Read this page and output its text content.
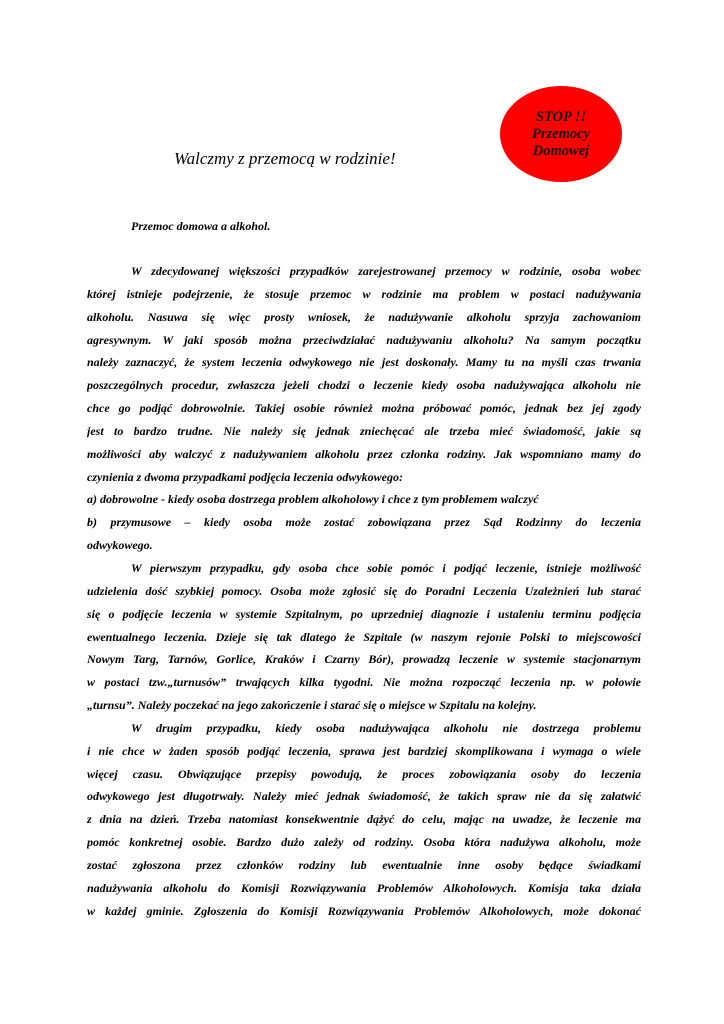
STOP !!
Przemocy
Domowej
Walczmy z przemocą w rodzinie!

Przemoc domowa a alkohol.

W zdecydowanej większości przypadków zarejestrowanej przemocy w rodzinie, osoba wobec
której istnieje podejrzenie, że stosuje przemoc w rodzinie ma problem w postaci nadużywania
alkoholu. Nasuwa się więc prosty wniosek, że nadużywanie alkoholu sprzyja zachowaniom
agresywnym. W jaki sposób można przeciwdziałać nadużywaniu alkoholu? Na samym początku
należy zaznaczyć, że system leczenia odwykowego nie jest doskonały. Mamy tu na myśli czas trwania
poszczególnych procedur, zwłaszcza jeżeli chodzi o leczenie kiedy osoba nadużywająca alkoholu nie
chce go podjąć dobrowolnie. Takiej osobie również można próbować pomóc, jednak bez jej zgody
jest to bardzo trudne. Nie należy się jednak zniechęcać ale trzeba mieć świadomość, jakie są
możliwości aby walczyć z nadużywaniem alkoholu przez członka rodziny. Jak wspomniano mamy do
czynienia z dwoma przypadkami podjęcia leczenia odwykowego:
a) dobrowolne - kiedy osoba dostrzega problem alkoholowy i chce z tym problemem walczyć
b) przymusowe – kiedy osoba może zostać zobowiązana przez Sąd Rodzinny do leczenia
odwykowego.
W pierwszym przypadku, gdy osoba chce sobie pomóc i podjąć leczenie, istnieje możliwość
udzielenia dość szybkiej pomocy. Osoba może zgłosić się do Poradni Leczenia Uzależnień lub starać
się o podjęcie leczenia w systemie Szpitalnym, po uprzedniej diagnozie i ustaleniu terminu podjęcia
ewentualnego leczenia. Dzieje się tak dlatego że Szpitale (w naszym rejonie Polski to miejscowości
Nowym Targ, Tarnów, Gorlice, Kraków i Czarny Bór), prowadzą leczenie w systemie stacjonarnym
w postaci tzw.„turnusów” trwających kilka tygodni. Nie można rozpocząć leczenia np. w połowie
„turnsu”. Należy poczekać na jego zakończenie i starać się o miejsce w Szpitalu na kolejny.
W drugim przypadku, kiedy osoba nadużywająca alkoholu nie dostrzega problemu
i nie chce w żaden sposób podjąć leczenia, sprawa jest bardziej skomplikowana i wymaga o wiele
więcej czasu. Obwiązujące przepisy powodują, że proces zobowiązania osoby do leczenia
odwykowego jest długotrwały. Należy mieć jednak świadomość, że takich spraw nie da się załatwić
z dnia na dzień. Trzeba natomiast konsekwentnie dążyć do celu, mając na uwadze, że leczenie ma
pomóc konkretnej osobie. Bardzo dużo zależy od rodziny. Osoba która nadużywa alkoholu, może
zostać zgłoszona przez członków rodziny lub ewentualnie inne osoby będące świadkami
nadużywania alkoholu do Komisji Rozwiązywania Problemów Alkoholowych. Komisja taka działa
w każdej gminie. Zgłoszenia do Komisji Rozwiązywania Problemów Alkoholowych, może dokonać
